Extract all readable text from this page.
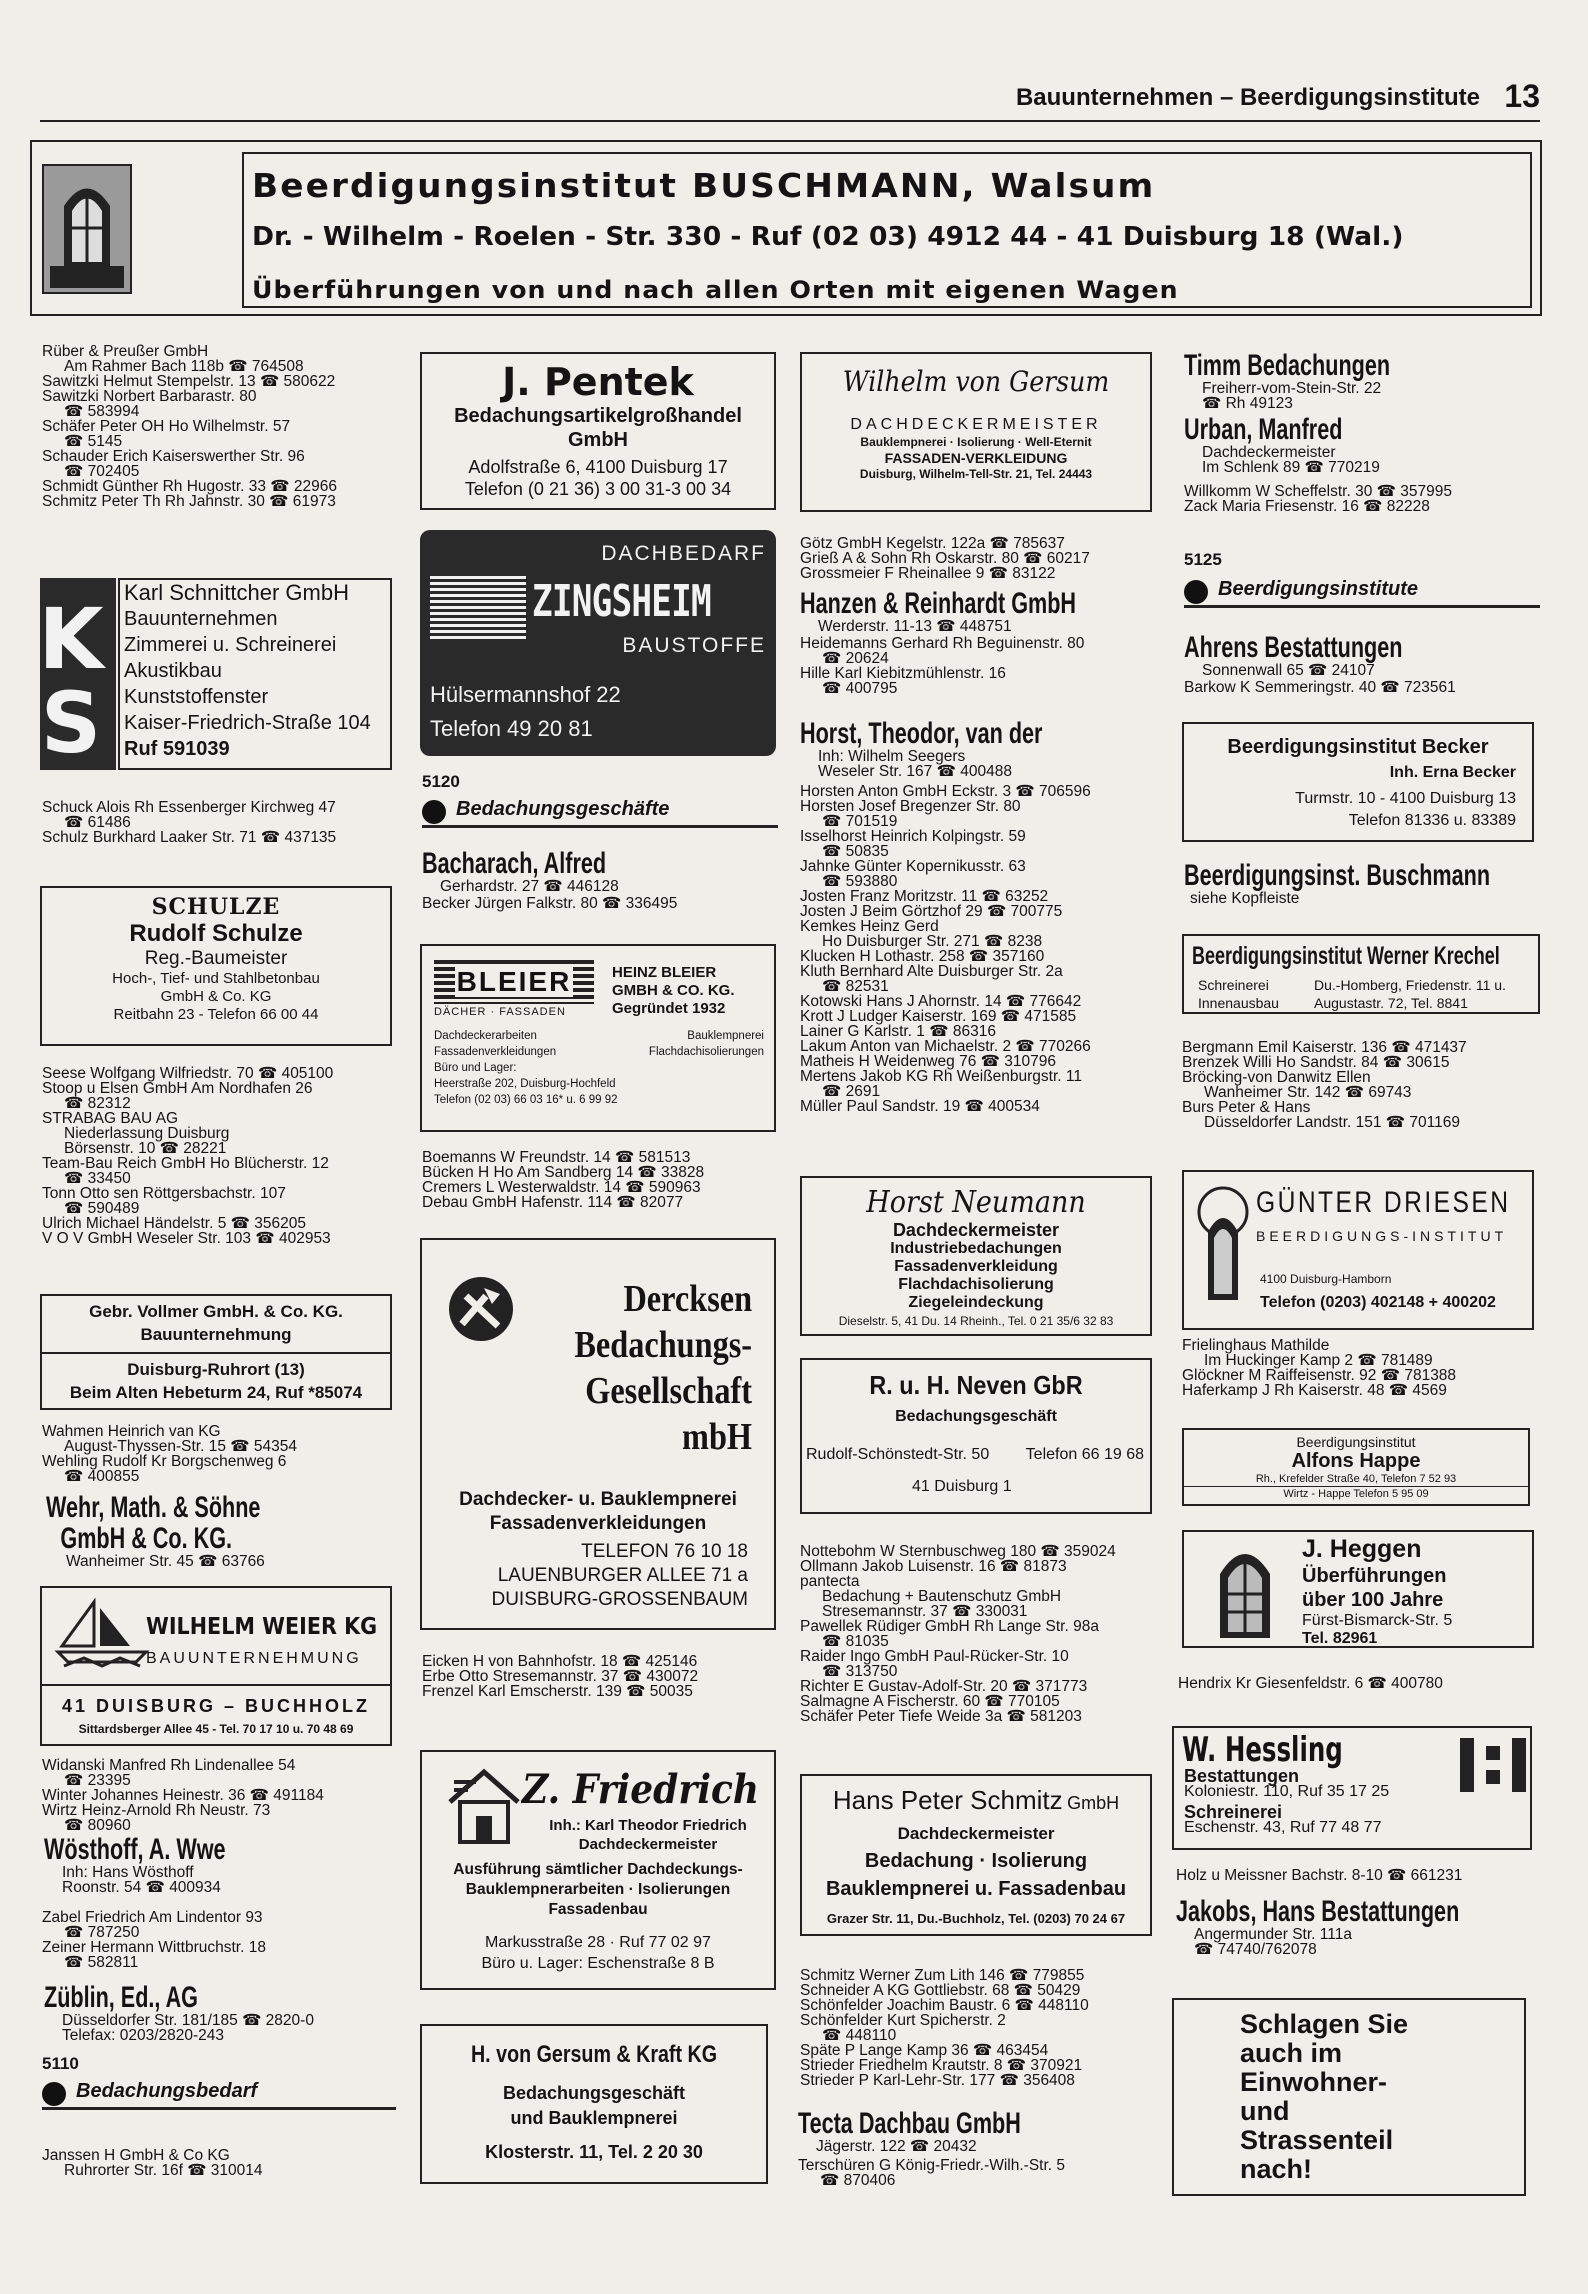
Bauunternehmen – Beerdigungsinstitute 13
Beerdigungsinstitut BUSCHMANN, Walsum
Dr. - Wilhelm - Roelen - Str. 330 - Ruf (02 03) 4912 44 - 41 Duisburg 18 (Wal.)
Überführungen von und nach allen Orten mit eigenen Wagen

Rüber & Preußer GmbH

Am Rahmer Bach 118b ☎ 764508

Sawitzki Helmut Stempelstr. 13 ☎ 580622

Sawitzki Norbert Barbarastr. 80

☎ 583994

Schäfer Peter OH Ho Wilhelmstr. 57

☎ 5145

Schauder Erich Kaiserswerther Str. 96

☎ 702405

Schmidt Günther Rh Hugostr. 33 ☎ 22966

Schmitz Peter Th Rh Jahnstr. 30 ☎ 61973

KS Karl Schnittcher GmbH
Bauunternehmen
Zimmerei u. Schreinerei
Akustikbau
Kunststoffenster
Kaiser-Friedrich-Straße 104
Ruf 591039

Schuck Alois Rh Essenberger Kirchweg 47

☎ 61486

Schulz Burkhard Laaker Str. 71 ☎ 437135

SCHULZE
Rudolf Schulze
Reg.-Baumeister
Hoch-, Tief- und Stahlbetonbau
GmbH & Co. KG
Reitbahn 23 - Telefon 66 00 44

Seese Wolfgang Wilfriedstr. 70 ☎ 405100

Stoop u Elsen GmbH Am Nordhafen 26

☎ 82312

STRABAG BAU AG

Niederlassung Duisburg

Börsenstr. 10 ☎ 28221

Team-Bau Reich GmbH Ho Blücherstr. 12

☎ 33450

Tonn Otto sen Röttgersbachstr. 107

☎ 590489

Ulrich Michael Händelstr. 5 ☎ 356205

V O V GmbH Weseler Str. 103 ☎ 402953

Gebr. Vollmer GmbH. & Co. KG.
Bauunternehmung
Duisburg-Ruhrort (13)
Beim Alten Hebeturm 24, Ruf *85074

Wahmen Heinrich van KG

August-Thyssen-Str. 15 ☎ 54354

Wehling Rudolf Kr Borgschenweg 6

☎ 400855

Wehr, Math. & Söhne
GmbH & Co. KG.
Wanheimer Str. 45 ☎ 63766
WILHELM WEIER KG
BAUUNTERNEHMUNG
41 DUISBURG – BUCHHOLZ
Sittardsberger Allee 45 - Tel. 70 17 10 u. 70 48 69

Widanski Manfred Rh Lindenallee 54

☎ 23395

Winter Johannes Heinestr. 36 ☎ 491184

Wirtz Heinz-Arnold Rh Neustr. 73

☎ 80960

Wösthoff, A. Wwe
Inh: Hans Wösthoff
Roonstr. 54 ☎ 400934

Zabel Friedrich Am Lindentor 93

☎ 787250

Zeiner Hermann Wittbruchstr. 18

☎ 582811

Züblin, Ed., AG
Düsseldorfer Str. 181/185 ☎ 2820-0
Telefax: 0203/2820-243
5110
Bedachungsbedarf

Janssen H GmbH & Co KG

Ruhrorter Str. 16f ☎ 310014

J. Pentek
Bedachungsartikelgroßhandel
GmbH
Adolfstraße 6, 4100 Duisburg 17
Telefon (0 21 36) 3 00 31-3 00 34
DACHBEDARF
ZINGSHEIM
BAUSTOFFE
Hülsermannshof 22
Telefon 49 20 81
5120
Bedachungsgeschäfte
Bacharach, Alfred
Gerhardstr. 27 ☎ 446128

Becker Jürgen Falkstr. 80 ☎ 336495

BLEIER
DÄCHER · FASSADEN
HEINZ BLEIER
GMBH & CO. KG.
Gegründet 1932
Dachdeckerarbeiten	Bauklempnerei
Fassadenverkleidungen	Flachdachisolierungen
Büro und Lager:
Heerstraße 202, Duisburg-Hochfeld
Telefon (02 03) 66 03 16* u. 6 99 92

Boemanns W Freundstr. 14 ☎ 581513

Bücken H Ho Am Sandberg 14 ☎ 33828

Cremers L Westerwaldstr. 14 ☎ 590963

Debau GmbH Hafenstr. 114 ☎ 82077

Dercksen
Bedachungs-
Gesellschaft
mbH
Dachdecker- u. Bauklempnerei
Fassadenverkleidungen
TELEFON 76 10 18
LAUENBURGER ALLEE 71 a
DUISBURG-GROSSENBAUM

Eicken H von Bahnhofstr. 18 ☎ 425146

Erbe Otto Stresemannstr. 37 ☎ 430072

Frenzel Karl Emscherstr. 139 ☎ 50035

Z. Friedrich
Inh.: Karl Theodor Friedrich
Dachdeckermeister
Ausführung sämtlicher Dachdeckungs-
Bauklempnerarbeiten · Isolierungen
Fassadenbau
Markusstraße 28 · Ruf 77 02 97
Büro u. Lager: Eschenstraße 8 B
H. von Gersum & Kraft KG
Bedachungsgeschäft
und Bauklempnerei
Klosterstr. 11, Tel. 2 20 30
Wilhelm von Gersum
DACHDECKERMEISTER
Bauklempnerei · Isolierung · Well-Eternit
FASSADEN-VERKLEIDUNG
Duisburg, Wilhelm-Tell-Str. 21, Tel. 24443

Götz GmbH Kegelstr. 122a ☎ 785637

Grieß A & Sohn Rh Oskarstr. 80 ☎ 60217

Grossmeier F Rheinallee 9 ☎ 83122

Hanzen & Reinhardt GmbH
Werderstr. 11-13 ☎ 448751

Heidemanns Gerhard Rh Beguinenstr. 80

☎ 20624

Hille Karl Kiebitzmühlenstr. 16

☎ 400795

Horst, Theodor, van der
Inh: Wilhelm Seegers
Weseler Str. 167 ☎ 400488

Horsten Anton GmbH Eckstr. 3 ☎ 706596

Horsten Josef Bregenzer Str. 80

☎ 701519

Isselhorst Heinrich Kolpingstr. 59

☎ 50835

Jahnke Günter Kopernikusstr. 63

☎ 593880

Josten Franz Moritzstr. 11 ☎ 63252

Josten J Beim Görtzhof 29 ☎ 700775

Kemkes Heinz Gerd

Ho Duisburger Str. 271 ☎ 8238

Klucken H Lothastr. 258 ☎ 357160

Kluth Bernhard Alte Duisburger Str. 2a

☎ 82531

Kotowski Hans J Ahornstr. 14 ☎ 776642

Krott J Ludger Kaiserstr. 169 ☎ 471585

Lainer G Karlstr. 1 ☎ 86316

Lakum Anton van Michaelstr. 2 ☎ 770266

Matheis H Weidenweg 76 ☎ 310796

Mertens Jakob KG Rh Weißenburgstr. 11

☎ 2691

Müller Paul Sandstr. 19 ☎ 400534

Horst Neumann
Dachdeckermeister
Industriebedachungen
Fassadenverkleidung
Flachdachisolierung
Ziegeleindeckung
Dieselstr. 5, 41 Du. 14 Rheinh., Tel. 0 21 35/6 32 83
R. u. H. Neven GbR
Bedachungsgeschäft
Rudolf-Schönstedt-Str. 50 Telefon 66 19 68
41 Duisburg 1

Nottebohm W Sternbuschweg 180 ☎ 359024

Ollmann Jakob Luisenstr. 16 ☎ 81873

pantecta

Bedachung + Bautenschutz GmbH

Stresemannstr. 37 ☎ 330031

Pawellek Rüdiger GmbH Rh Lange Str. 98a

☎ 81035

Raider Ingo GmbH Paul-Rücker-Str. 10

☎ 313750

Richter E Gustav-Adolf-Str. 20 ☎ 371773

Salmagne A Fischerstr. 60 ☎ 770105

Schäfer Peter Tiefe Weide 3a ☎ 581203

Hans Peter Schmitz GmbH
Dachdeckermeister
Bedachung · Isolierung
Bauklempnerei u. Fassadenbau
Grazer Str. 11, Du.-Buchholz, Tel. (0203) 70 24 67

Schmitz Werner Zum Lith 146 ☎ 779855

Schneider A KG Gottliebstr. 68 ☎ 50429

Schönfelder Joachim Baustr. 6 ☎ 448110

Schönfelder Kurt Spicherstr. 2

☎ 448110

Späte P Lange Kamp 36 ☎ 463454

Strieder Friedhelm Krautstr. 8 ☎ 370921

Strieder P Karl-Lehr-Str. 177 ☎ 356408

Tecta Dachbau GmbH
Jägerstr. 122 ☎ 20432

Terschüren G König-Friedr.-Wilh.-Str. 5

☎ 870406

Timm Bedachungen
Freiherr-vom-Stein-Str. 22
☎ Rh 49123
Urban, Manfred
Dachdeckermeister
Im Schlenk 89 ☎ 770219

Willkomm W Scheffelstr. 30 ☎ 357995

Zack Maria Friesenstr. 16 ☎ 82228

5125
Beerdigungsinstitute
Ahrens Bestattungen
Sonnenwall 65 ☎ 24107

Barkow K Semmeringstr. 40 ☎ 723561

Beerdigungsinstitut Becker
Inh. Erna Becker
Turmstr. 10 - 4100 Duisburg 13
Telefon 81336 u. 83389
Beerdigungsinst. Buschmann
siehe Kopfleiste
Beerdigungsinstitut Werner Krechel
Schreinerei
Innenausbau
Du.-Homberg, Friedenstr. 11 u.
Augustastr. 72, Tel. 8841

Bergmann Emil Kaiserstr. 136 ☎ 471437

Brenzek Willi Ho Sandstr. 84 ☎ 30615

Bröcking-von Danwitz Ellen

Wanheimer Str. 142 ☎ 69743

Burs Peter & Hans

Düsseldorfer Landstr. 151 ☎ 701169

GÜNTER DRIESEN
BEERDIGUNGS-INSTITUT
4100 Duisburg-Hamborn
Telefon (0203) 402148 + 400202

Frielinghaus Mathilde

Im Huckinger Kamp 2 ☎ 781489

Glöckner M Raiffeisenstr. 92 ☎ 781388

Haferkamp J Rh Kaiserstr. 48 ☎ 4569

Beerdigungsinstitut
Alfons Happe
Rh., Krefelder Straße 40, Telefon 7 52 93
Wirtz - Happe Telefon 5 95 09
J. Heggen
Überführungen
über 100 Jahre
Fürst-Bismarck-Str. 5
Tel. 82961

Hendrix Kr Giesenfeldstr. 6 ☎ 400780

W. Hessling
Bestattungen
Koloniestr. 110, Ruf 35 17 25
Schreinerei
Eschenstr. 43, Ruf 77 48 77

Holz u Meissner Bachstr. 8-10 ☎ 661231

Jakobs, Hans Bestattungen
Angermunder Str. 111a
☎ 74740/762078
Schlagen Sie
auch im
Einwohner-
und
Strassenteil
nach!
